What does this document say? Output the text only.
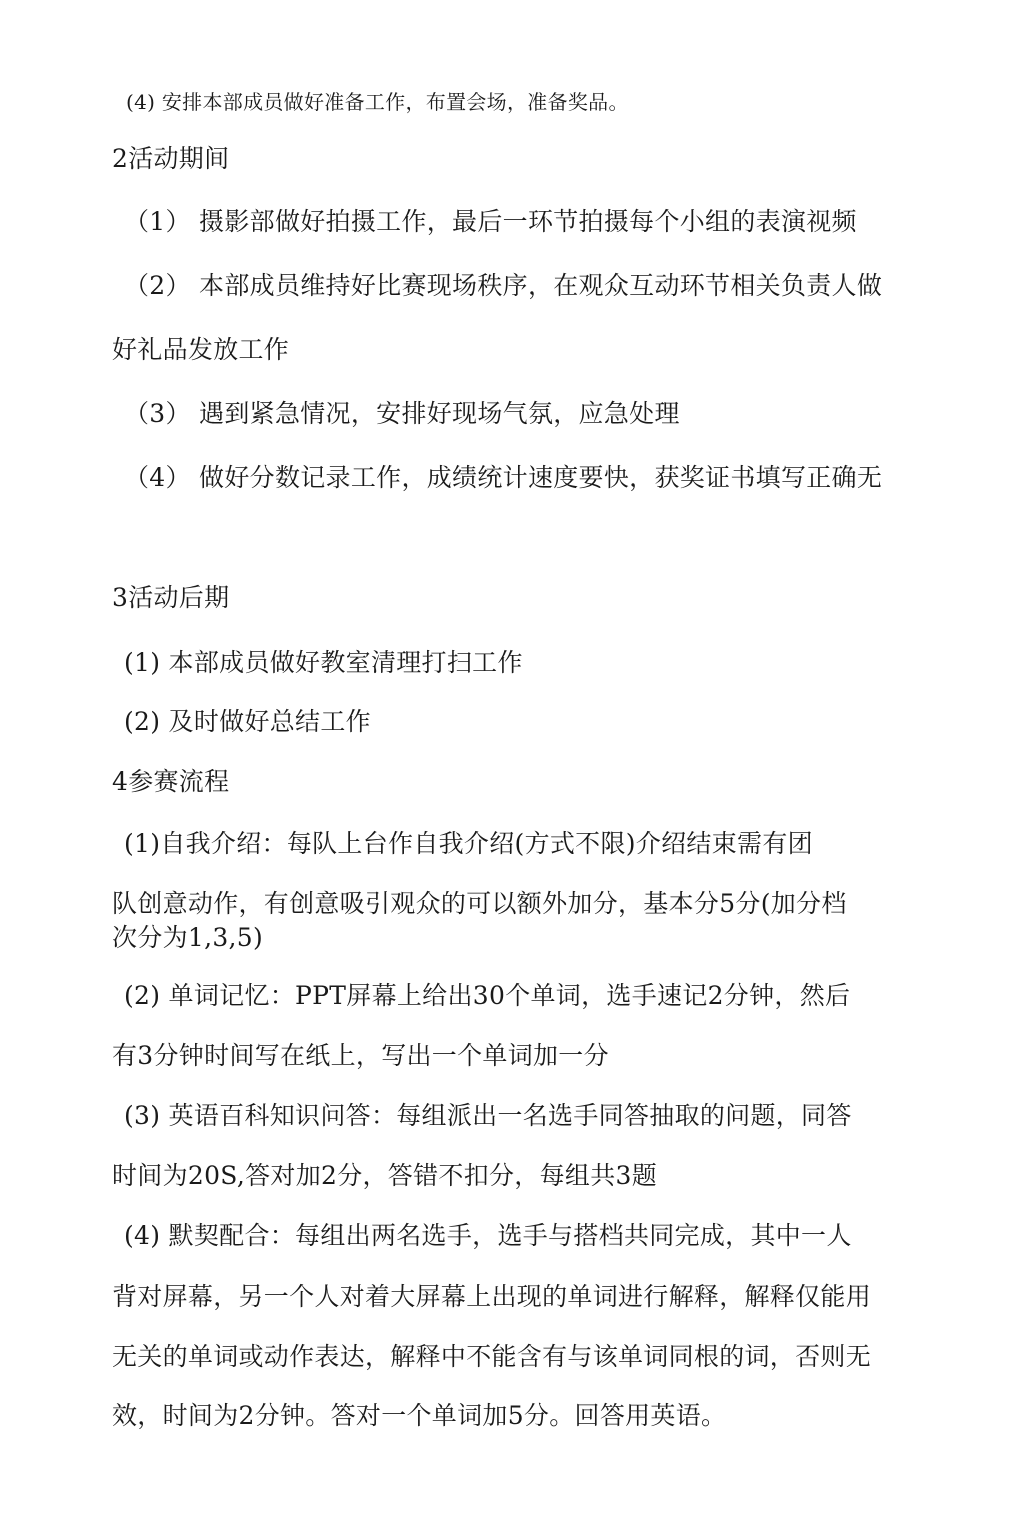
(4) 安排本部成员做好准备工作，布置会场，准备奖品。
2活动期间
（1） 摄影部做好拍摄工作，最后一环节拍摄每个小组的表演视频
（2） 本部成员维持好比赛现场秩序，在观众互动环节相关负责人做
好礼品发放工作
（3） 遇到紧急情况，安排好现场气氛，应急处理
（4） 做好分数记录工作，成绩统计速度要快，获奖证书填写正确无
3活动后期
(1) 本部成员做好教室清理打扫工作
(2) 及时做好总结工作
4参赛流程
(1)自我介绍：每队上台作自我介绍(方式不限)介绍结束需有团
队创意动作，有创意吸引观众的可以额外加分，基本分5分(加分档
次分为1,3,5)
(2) 单词记忆：PPT屏幕上给出30个单词，选手速记2分钟，然后
有3分钟时间写在纸上，写出一个单词加一分
(3) 英语百科知识问答：每组派出一名选手同答抽取的问题，同答
时间为20S,答对加2分，答错不扣分，每组共3题
(4) 默契配合：每组出两名选手，选手与搭档共同完成，其中一人
背对屏幕，另一个人对着大屏幕上出现的单词进行解释，解释仅能用
无关的单词或动作表达，解释中不能含有与该单词同根的词，否则无
效，时间为2分钟。答对一个单词加5分。回答用英语。
